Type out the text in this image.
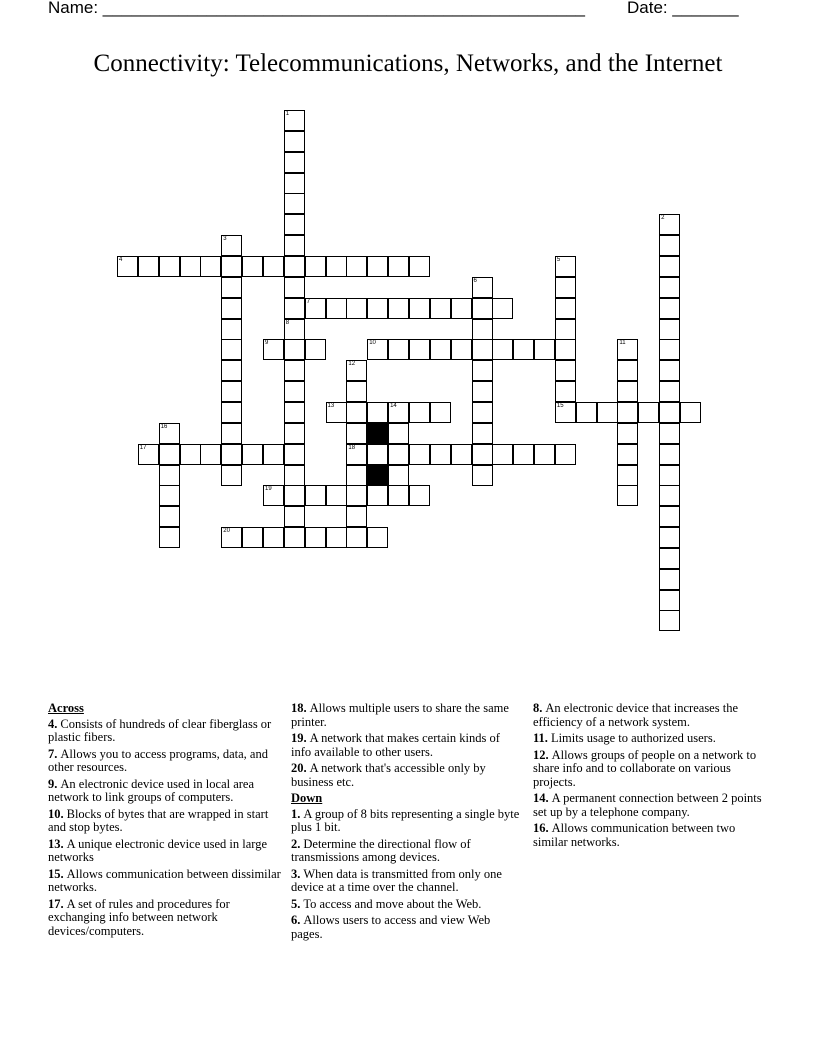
Name: ___________________________________________________ Date: _______
Connectivity: Telecommunications, Networks, and the Internet
1
8
2
3
4	5
6
7
9	10	11
12
18
13	14	15
16
17
19
20
Across
4. Consists of hundreds of clear fiberglass or plastic fibers.
7. Allows you to access programs, data, and other resources.
9. An electronic device used in local area network to link groups of computers.
10. Blocks of bytes that are wrapped in start and stop bytes.
13. A unique electronic device used in large networks
15. Allows communication between dissimilar networks.
17. A set of rules and procedures for exchanging info between network devices/computers.
18. Allows multiple users to share the same printer.
19. A network that makes certain kinds of info available to other users.
20. A network that's accessible only by business etc.
Down
1. A group of 8 bits representing a single byte plus 1 bit.
2. Determine the directional flow of transmissions among devices.
3. When data is transmitted from only one device at a time over the channel.
5. To access and move about the Web.
6. Allows users to access and view Web pages.
8. An electronic device that increases the efficiency of a network system.
11. Limits usage to authorized users.
12. Allows groups of people on a network to share info and to collaborate on various projects.
14. A permanent connection between 2 points set up by a telephone company.
16. Allows communication between two similar networks.
